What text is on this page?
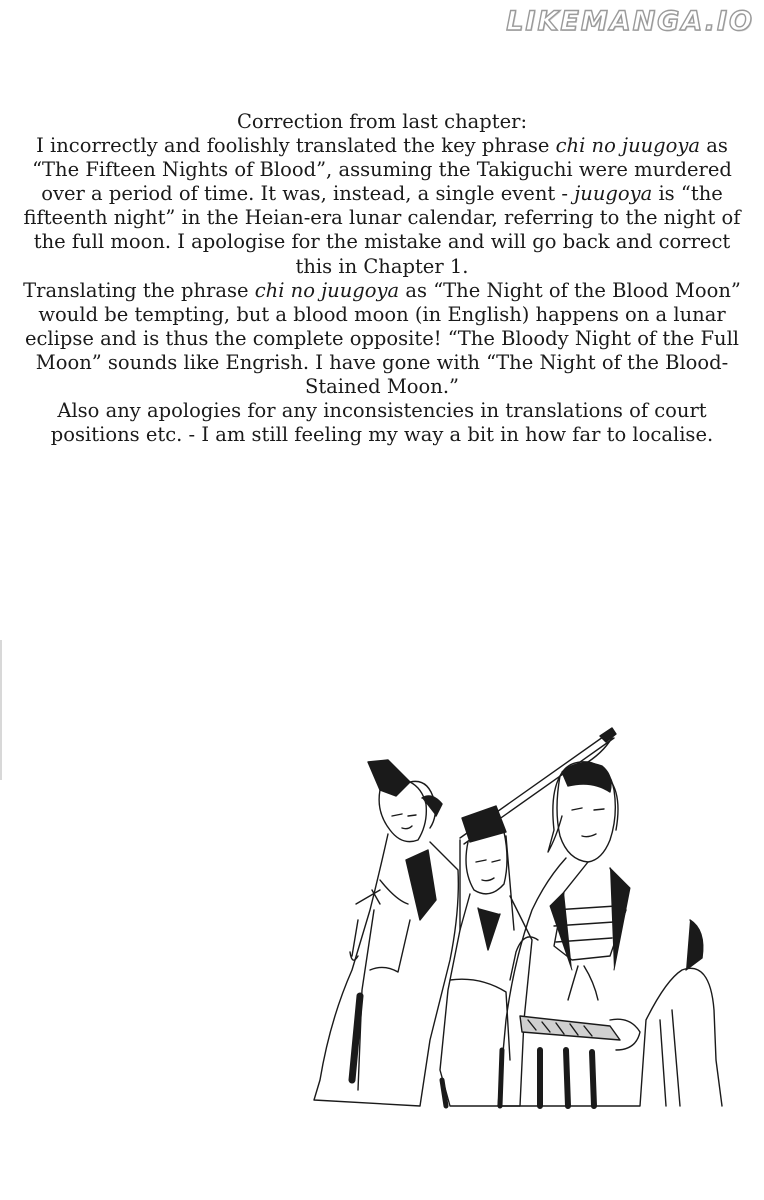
LIKEMANGA.IO

Correction from last chapter:

I incorrectly and foolishly translated the key phrase chi no juugoya as “The Fifteen Nights of Blood”, assuming the Takiguchi were murdered over a period of time. It was, instead, a single event - juugoya is “the fifteenth night” in the Heian-era lunar calendar, referring to the night of the full moon. I apologise for the mistake and will go back and correct this in Chapter 1.

Translating the phrase chi no juugoya as “The Night of the Blood Moon” would be tempting, but a blood moon (in English) happens on a lunar eclipse and is thus the complete opposite! “The Bloody Night of the Full Moon” sounds like Engrish. I have gone with “The Night of the Blood-Stained Moon.”

Also any apologies for any inconsistencies in translations of court positions etc. - I am still feeling my way a bit in how far to localise.
